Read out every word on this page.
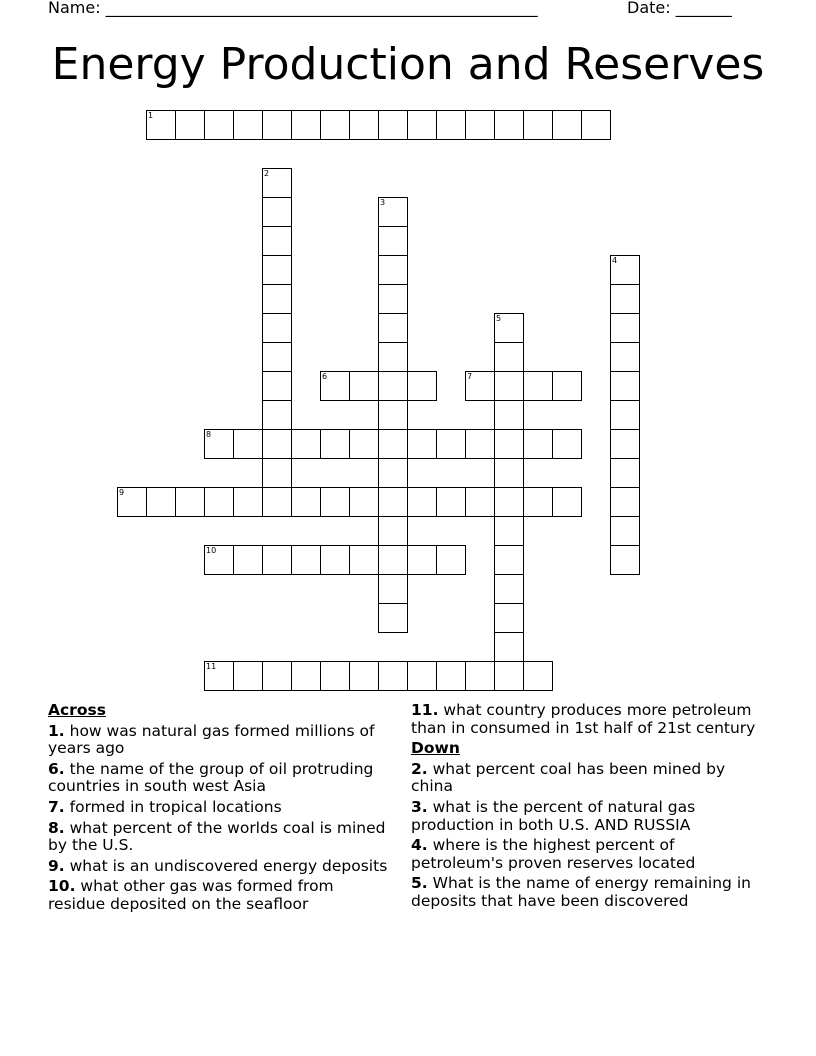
Name: ______________________________________________________	Date: _______
Energy Production and Reserves
1
2
3
4
5
6	7
8
9
10
11
Across
1. how was natural gas formed millions of years ago
6. the name of the group of oil protruding countries in south west Asia
7. formed in tropical locations
8. what percent of the worlds coal is mined by the U.S.
9. what is an undiscovered energy deposits
10. what other gas was formed from residue deposited on the seafloor
11. what country produces more petroleum than in consumed in 1st half of 21st century
Down
2. what percent coal has been mined by china
3. what is the percent of natural gas production in both U.S. AND RUSSIA
4. where is the highest percent of petroleum's proven reserves located
5. What is the name of energy remaining in deposits that have been discovered
